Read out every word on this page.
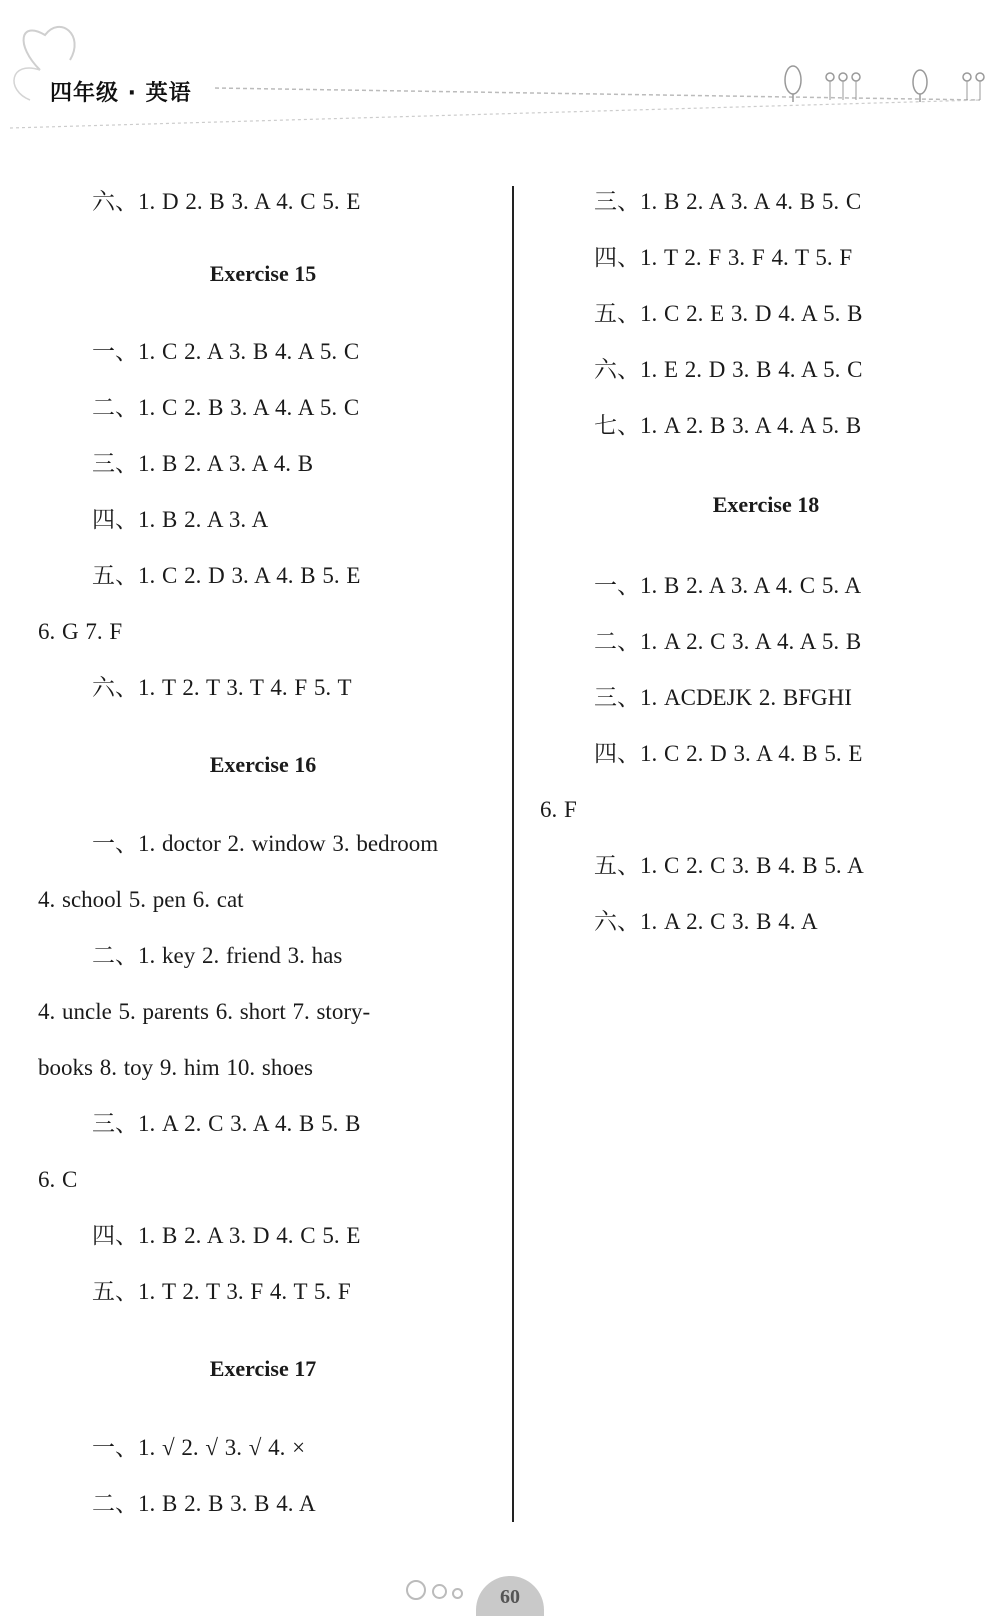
四年级 · 英语
六、1. D 2. B 3. A 4. C 5. E
Exercise 15
一、1. C 2. A 3. B 4. A 5. C
二、1. C 2. B 3. A 4. A 5. C
三、1. B 2. A 3. A 4. B
四、1. B 2. A 3. A
五、1. C 2. D 3. A 4. B 5. E
6. G 7. F
六、1. T 2. T 3. T 4. F 5. T
Exercise 16
一、1. doctor 2. window 3. bedroom
4. school 5. pen 6. cat
二、1. key 2. friend 3. has
4. uncle 5. parents 6. short 7. story-
books 8. toy 9. him 10. shoes
三、1. A 2. C 3. A 4. B 5. B
6. C
四、1. B 2. A 3. D 4. C 5. E
五、1. T 2. T 3. F 4. T 5. F
Exercise 17
一、1. √ 2. √ 3. √ 4. ×
二、1. B 2. B 3. B 4. A
三、1. B 2. A 3. A 4. B 5. C
四、1. T 2. F 3. F 4. T 5. F
五、1. C 2. E 3. D 4. A 5. B
六、1. E 2. D 3. B 4. A 5. C
七、1. A 2. B 3. A 4. A 5. B
Exercise 18
一、1. B 2. A 3. A 4. C 5. A
二、1. A 2. C 3. A 4. A 5. B
三、1. ACDEJK 2. BFGHI
四、1. C 2. D 3. A 4. B 5. E
6. F
五、1. C 2. C 3. B 4. B 5. A
六、1. A 2. C 3. B 4. A
60
